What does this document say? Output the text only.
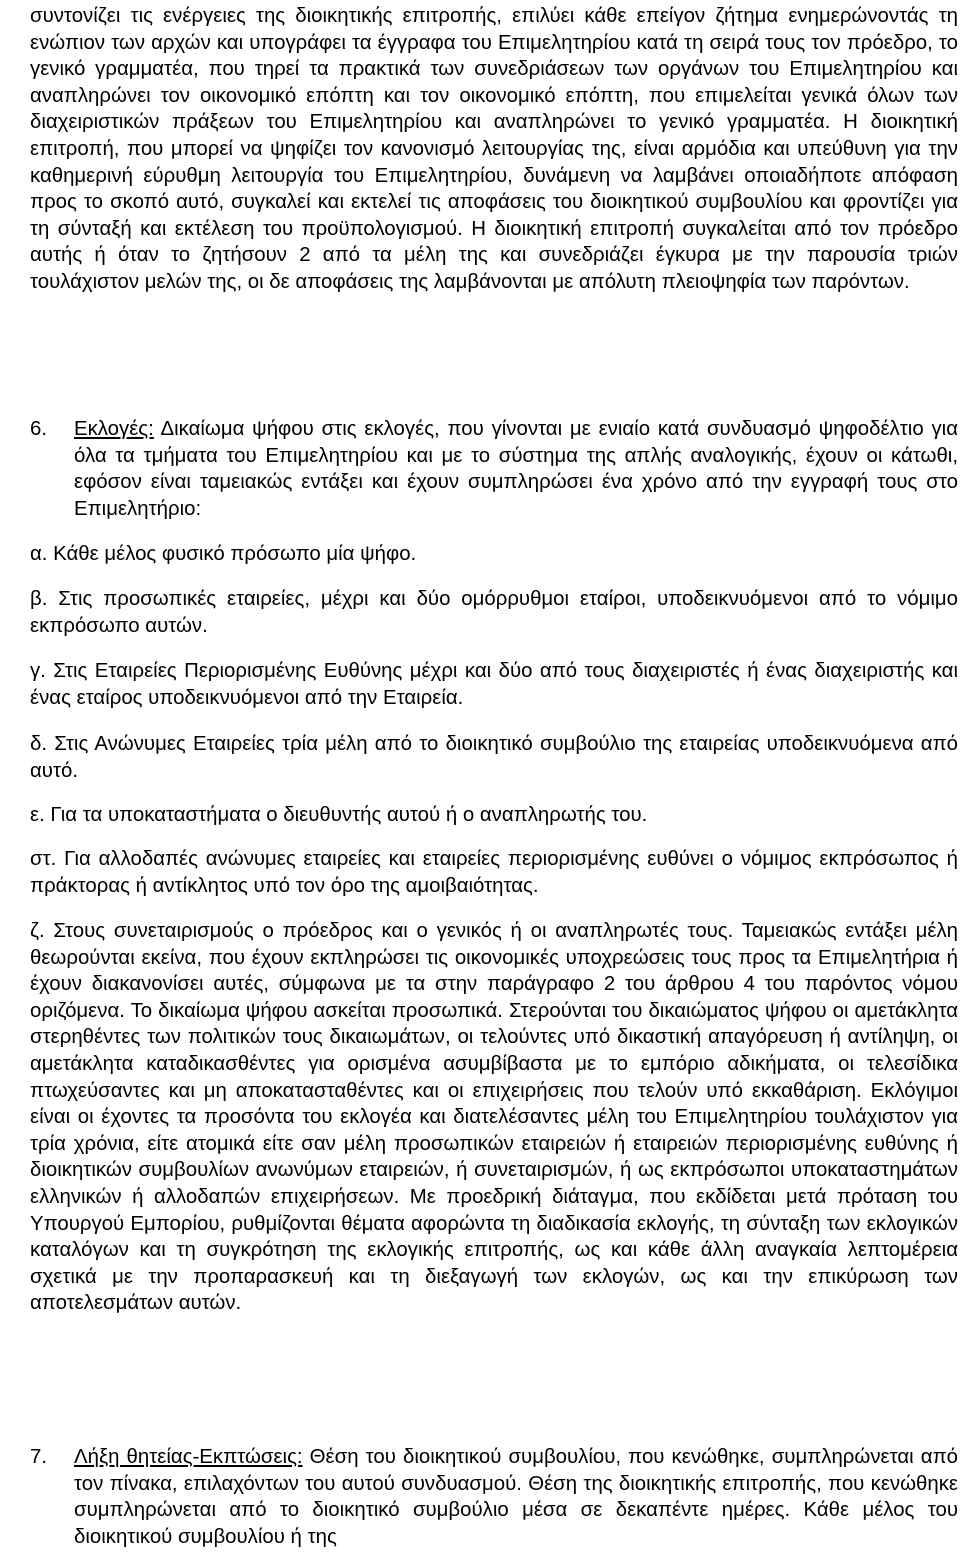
συντονίζει τις ενέργειες της διοικητικής επιτροπής, επιλύει κάθε επείγον ζήτημα ενημερώνοντάς τη ενώπιον των αρχών και υπογράφει τα έγγραφα του Επιμελητηρίου κατά τη σειρά τους τον πρόεδρο, το γενικό γραμματέα, που τηρεί τα πρακτικά των συνεδριάσεων των οργάνων του Επιμελητηρίου και αναπληρώνει τον οικονομικό επόπτη και τον οικονομικό επόπτη, που επιμελείται γενικά όλων των διαχειριστικών πράξεων του Επιμελητηρίου και αναπληρώνει το γενικό γραμματέα. Η διοικητική επιτροπή, που μπορεί να ψηφίζει τον κανονισμό λειτουργίας της, είναι αρμόδια και υπεύθυνη για την καθημερινή εύρυθμη λειτουργία του Επιμελητηρίου, δυνάμενη να λαμβάνει οποιαδήποτε απόφαση προς το σκοπό αυτό, συγκαλεί και εκτελεί τις αποφάσεις του διοικητικού συμβουλίου και φροντίζει για τη σύνταξή και εκτέλεση του προϋπολογισμού. Η διοικητική επιτροπή συγκαλείται από τον πρόεδρο αυτής ή όταν το ζητήσουν 2 από τα μέλη της και συνεδριάζει έγκυρα με την παρουσία τριών τουλάχιστον μελών της, οι δε αποφάσεις της λαμβάνονται με απόλυτη πλειοψηφία των παρόντων.

6. Εκλογές: Δικαίωμα ψήφου στις εκλογές, που γίνονται με ενιαίο κατά συνδυασμό ψηφοδέλτιο για όλα τα τμήματα του Επιμελητηρίου και με το σύστημα της απλής αναλογικής, έχουν οι κάτωθι, εφόσον είναι ταμειακώς εντάξει και έχουν συμπληρώσει ένα χρόνο από την εγγραφή τους στο Επιμελητήριο:

α. Κάθε μέλος φυσικό πρόσωπο μία ψήφο.

β. Στις προσωπικές εταιρείες, μέχρι και δύο ομόρρυθμοι εταίροι, υποδεικνυόμενοι από το νόμιμο εκπρόσωπο αυτών.

γ. Στις Εταιρείες Περιορισμένης Ευθύνης μέχρι και δύο από τους διαχειριστές ή ένας διαχειριστής και ένας εταίρος υποδεικνυόμενοι από την Εταιρεία.

δ. Στις Ανώνυμες Εταιρείες τρία μέλη από το διοικητικό συμβούλιο της εταιρείας υποδεικνυόμενα από αυτό.

ε. Για τα υποκαταστήματα ο διευθυντής αυτού ή ο αναπληρωτής του.

στ. Για αλλοδαπές ανώνυμες εταιρείες και εταιρείες περιορισμένης ευθύνει ο νόμιμος εκπρόσωπος ή πράκτορας ή αντίκλητος υπό τον όρο της αμοιβαιότητας.

ζ. Στους συνεταιρισμούς ο πρόεδρος και ο γενικός ή οι αναπληρωτές τους. Ταμειακώς εντάξει μέλη θεωρούνται εκείνα, που έχουν εκπληρώσει τις οικονομικές υποχρεώσεις τους προς τα Επιμελητήρια ή έχουν διακανονίσει αυτές, σύμφωνα με τα στην παράγραφο 2 του άρθρου 4 του παρόντος νόμου οριζόμενα. Το δικαίωμα ψήφου ασκείται προσωπικά. Στερούνται του δικαιώματος ψήφου οι αμετάκλητα στερηθέντες των πολιτικών τους δικαιωμάτων, οι τελούντες υπό δικαστική απαγόρευση ή αντίληψη, οι αμετάκλητα καταδικασθέντες για ορισμένα ασυμβίβαστα με το εμπόριο αδικήματα, οι τελεσίδικα πτωχεύσαντες και μη αποκατασταθέντες και οι επιχειρήσεις που τελούν υπό εκκαθάριση. Εκλόγιμοι είναι οι έχοντες τα προσόντα του εκλογέα και διατελέσαντες μέλη του Επιμελητηρίου τουλάχιστον για τρία χρόνια, είτε ατομικά είτε σαν μέλη προσωπικών εταιρειών ή εταιρειών περιορισμένης ευθύνης ή διοικητικών συμβουλίων ανωνύμων εταιρειών, ή συνεταιρισμών, ή ως εκπρόσωποι υποκαταστημάτων ελληνικών ή αλλοδαπών επιχειρήσεων. Με προεδρική διάταγμα, που εκδίδεται μετά πρόταση του Υπουργού Εμπορίου, ρυθμίζονται θέματα αφορώντα τη διαδικασία εκλογής, τη σύνταξη των εκλογικών καταλόγων και τη συγκρότηση της εκλογικής επιτροπής, ως και κάθε άλλη αναγκαία λεπτομέρεια σχετικά με την προπαρασκευή και τη διεξαγωγή των εκλογών, ως και την επικύρωση των αποτελεσμάτων αυτών.

7. Λήξη θητείας-Εκπτώσεις: Θέση του διοικητικού συμβουλίου, που κενώθηκε, συμπληρώνεται από τον πίνακα, επιλαχόντων του αυτού συνδυασμού. Θέση της διοικητικής επιτροπής, που κενώθηκε συμπληρώνεται από το διοικητικό συμβούλιο μέσα σε δεκαπέντε ημέρες. Κάθε μέλος του διοικητικού συμβουλίου ή της
